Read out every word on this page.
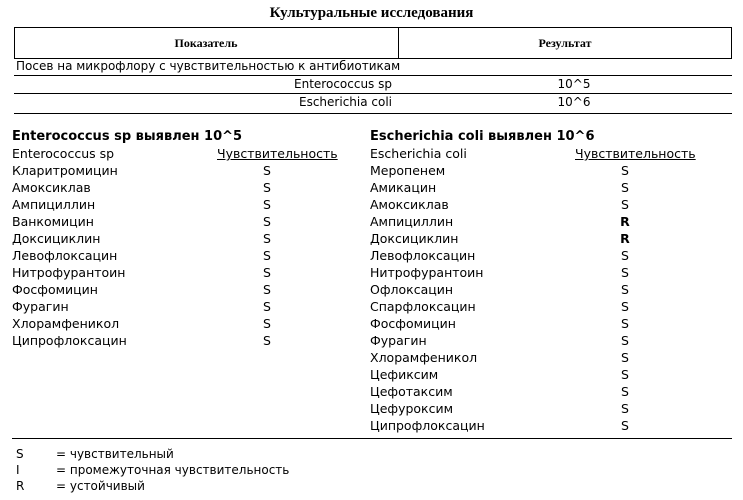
Культуральные исследования
Показатель	Результат
Посев на микрофлору с чувствительностью к антибиотикам
Enterococcus sp	10^5
Escherichia coli	10^6
Enterococcus sp выявлен 10^5
Enterococcus sp	Чувствительность
Кларитромицин	S
Амоксиклав	S
Ампициллин	S
Ванкомицин	S
Доксициклин	S
Левофлоксацин	S
Нитрофурантоин	S
Фосфомицин	S
Фурагин	S
Хлорамфеникол	S
Ципрофлоксацин	S
Escherichia coli выявлен 10^6
Escherichia coli	Чувствительность
Меропенем	S
Амикацин	S
Амоксиклав	S
Ампициллин	R
Доксициклин	R
Левофлоксацин	S
Нитрофурантоин	S
Офлоксацин	S
Спарфлоксацин	S
Фосфомицин	S
Фурагин	S
Хлорамфеникол	S
Цефиксим	S
Цефотаксим	S
Цефуроксим	S
Ципрофлоксацин	S
S	= чувствительный
I	= промежуточная чувствительность
R	= устойчивый
